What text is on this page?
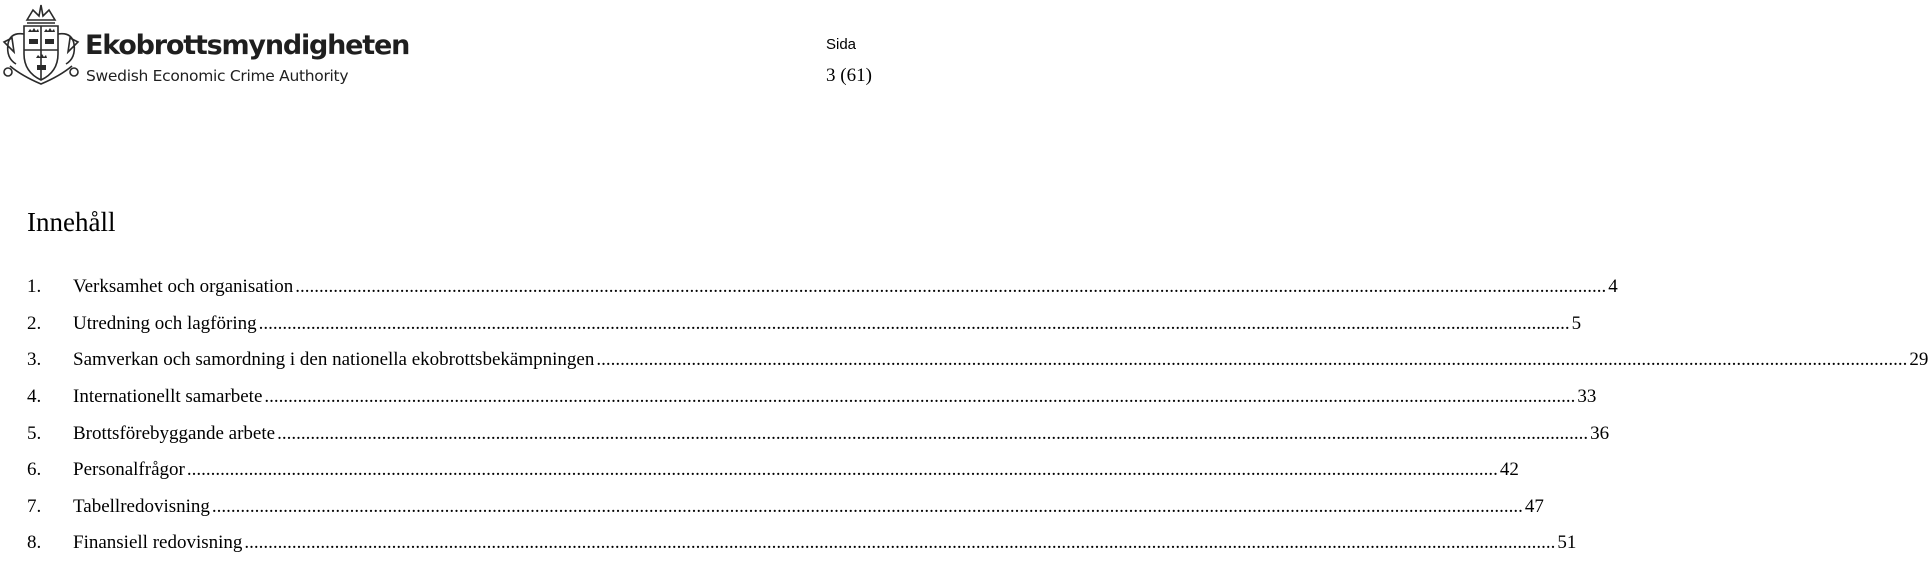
Ekobrottsmyndigheten
Swedish Economic Crime Authority
Sida
3 (61)
Innehåll
1.	Verksamhet och organisation .....	4
2.	Utredning och lagföring .....	5
3.	Samverkan och samordning i den nationella ekobrottsbekämpningen .....	29
4.	Internationellt samarbete .....	33
5.	Brottsförebyggande arbete .....	36
6.	Personalfrågor .....	42
7.	Tabellredovisning .....	47
8.	Finansiell redovisning .....	51
